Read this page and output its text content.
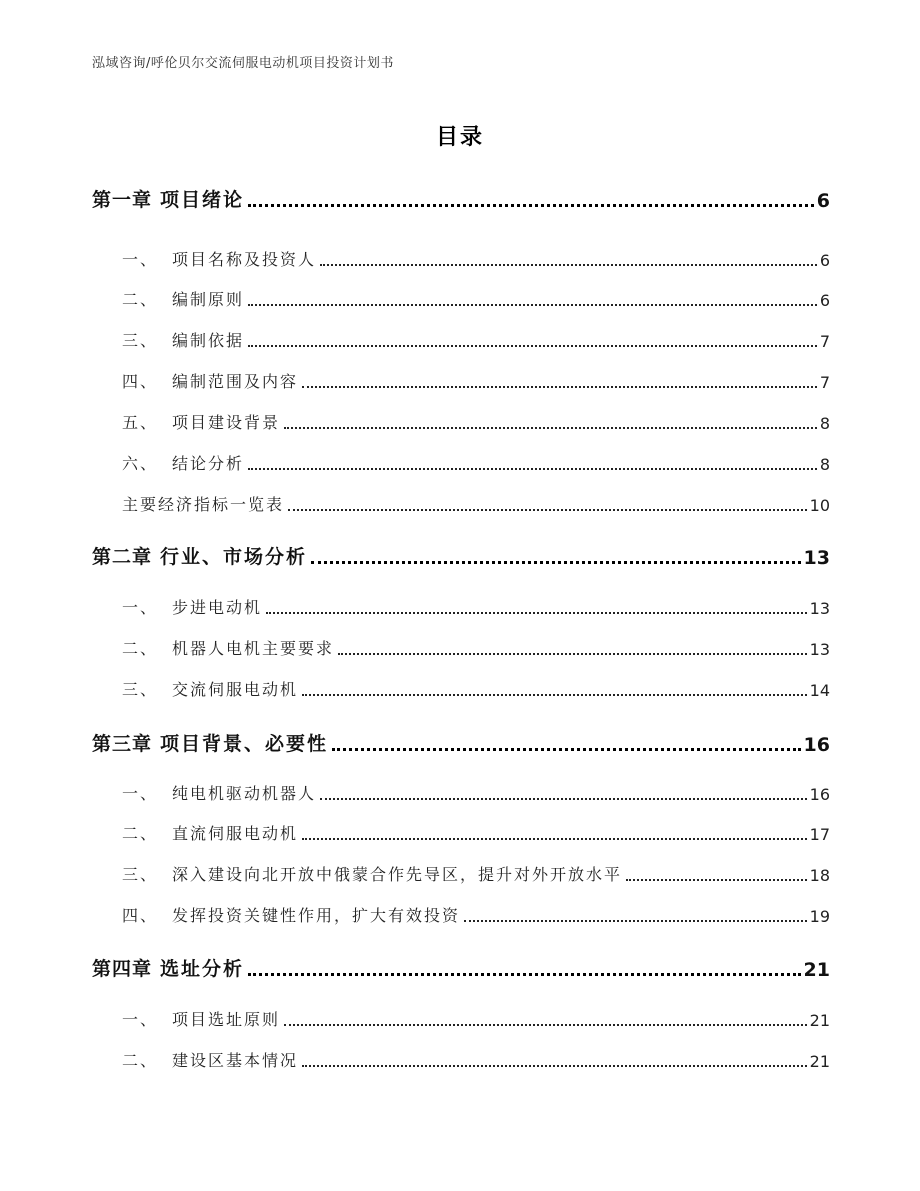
泓域咨询/呼伦贝尔交流伺服电动机项目投资计划书
目录
第一章 项目绪论	6
一、 项目名称及投资人	6
二、 编制原则	6
三、 编制依据	7
四、 编制范围及内容	7
五、 项目建设背景	8
六、 结论分析	8
主要经济指标一览表	10
第二章 行业、市场分析	13
一、 步进电动机	13
二、 机器人电机主要要求	13
三、 交流伺服电动机	14
第三章 项目背景、必要性	16
一、 纯电机驱动机器人	16
二、 直流伺服电动机	17
三、 深入建设向北开放中俄蒙合作先导区，提升对外开放水平	18
四、 发挥投资关键性作用，扩大有效投资	19
第四章 选址分析	21
一、 项目选址原则	21
二、 建设区基本情况	21
